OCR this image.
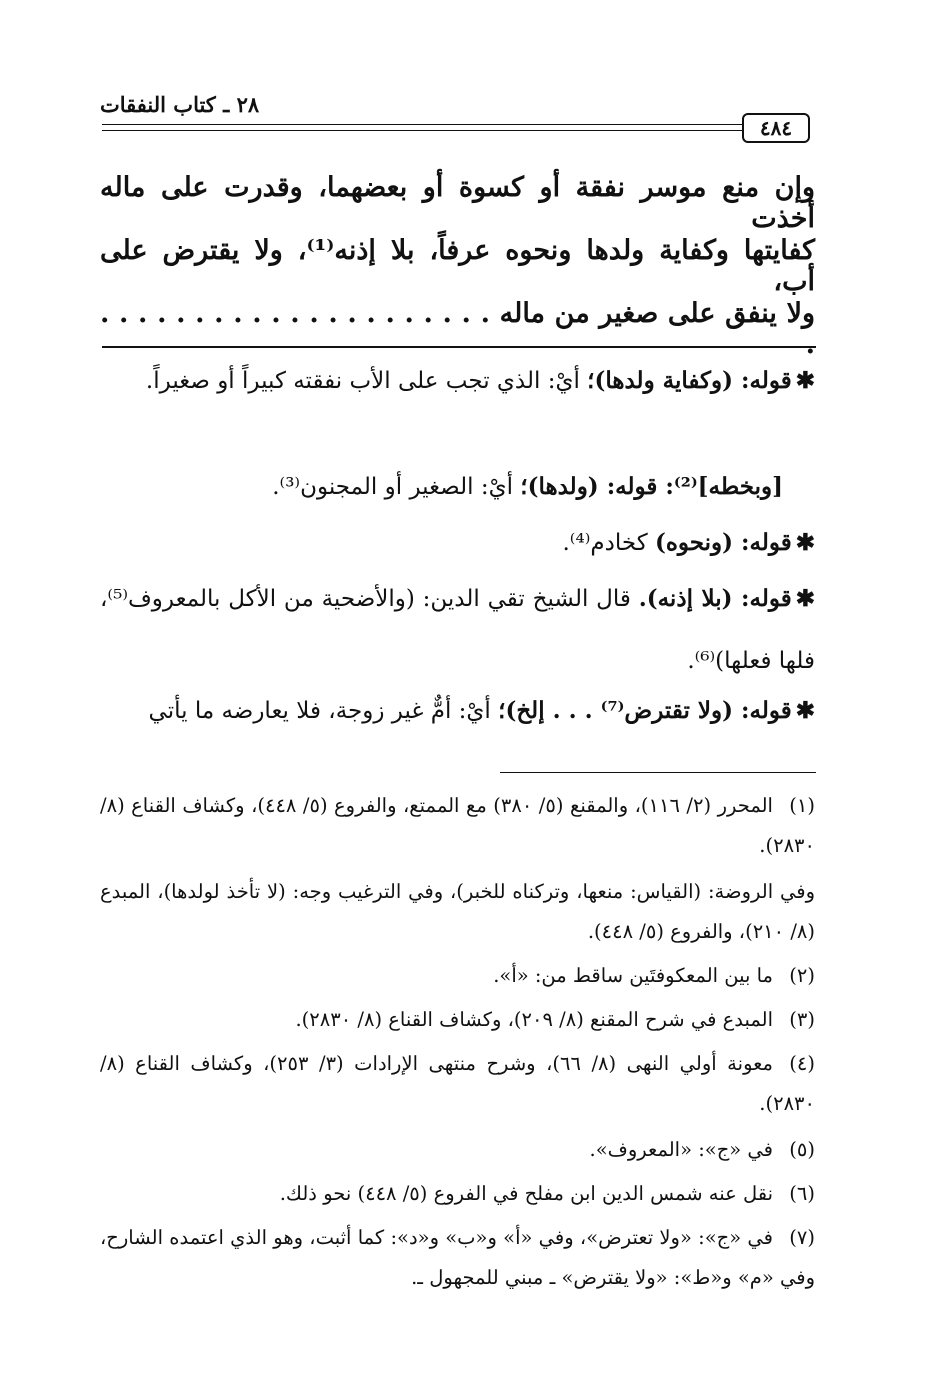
٢٨ ـ كتاب النفقات
٤٨٤
وإن منع موسر نفقة أو كسوة أو بعضهما، وقدرت على ماله أخذت
كفايتها وكفاية ولدها ونحوه عرفاً، بلا إذنه⁽¹⁾، ولا يقترض على أب،
ولا ينفق على صغير من ماله . . . . . . . . . . . . . . . . . . . . . .
✱قوله: (وكفاية ولدها)؛ أيْ: الذي تجب على الأب نفقته كبيراً أو صغيراً.
[وبخطه]⁽²⁾: قوله: (ولدها)؛ أيْ: الصغير أو المجنون⁽³⁾.
✱قوله: (ونحوه) كخادم⁽⁴⁾.
✱قوله: (بلا إذنه). قال الشيخ تقي الدين: (والأضحية من الأكل بالمعروف⁽⁵⁾، فلها فعلها)⁽⁶⁾.
✱قوله: (ولا تقترض⁽⁷⁾ . . . إلخ)؛ أيْ: أمٌّ غير زوجة، فلا يعارضه ما يأتي
(١)المحرر (٢/ ١١٦)، والمقنع (٥/ ٣٨٠) مع الممتع، والفروع (٥/ ٤٤٨)، وكشاف القناع (٨/ ٢٨٣٠).
وفي الروضة: (القياس: منعها، وتركناه للخبر)، وفي الترغيب وجه: (لا تأخذ لولدها)، المبدع (٨/ ٢١٠)، والفروع (٥/ ٤٤٨).
(٢)ما بين المعكوفتَين ساقط من: «أ».
(٣)المبدع في شرح المقنع (٨/ ٢٠٩)، وكشاف القناع (٨/ ٢٨٣٠).
(٤)معونة أولي النهى (٨/ ٦٦)، وشرح منتهى الإرادات (٣/ ٢٥٣)، وكشاف القناع (٨/ ٢٨٣٠).
(٥)في «ج»: «المعروف».
(٦)نقل عنه شمس الدين ابن مفلح في الفروع (٥/ ٤٤٨) نحو ذلك.
(٧)في «ج»: «ولا تعترض»، وفي «أ» و«ب» و«د»: كما أثبت، وهو الذي اعتمده الشارح، وفي «م» و«ط»: «ولا يقترض» ـ مبني للمجهول ـ.
